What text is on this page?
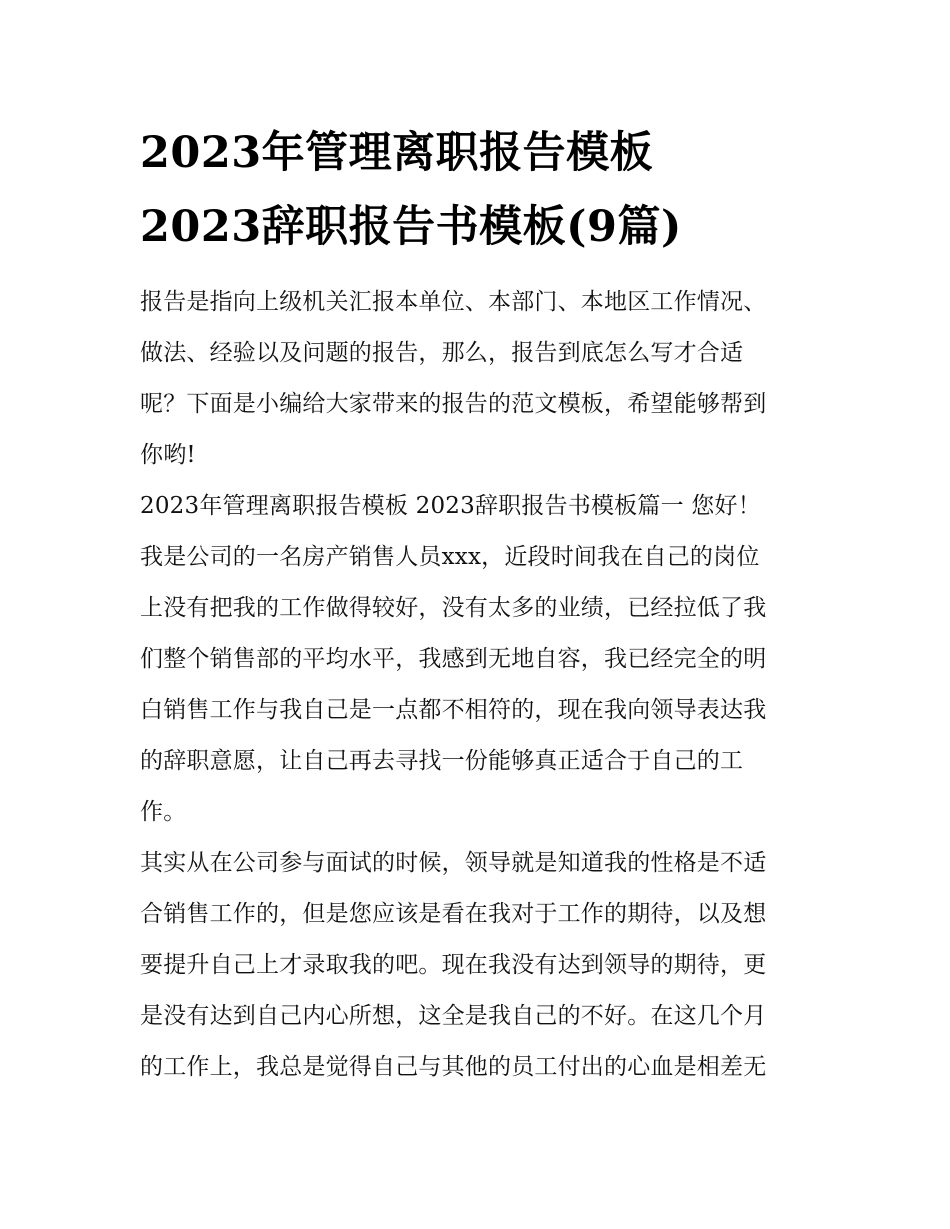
2023年管理离职报告模板
2023辞职报告书模板(9篇)

报告是指向上级机关汇报本单位、本部门、本地区工作情况、
做法、经验以及问题的报告，那么，报告到底怎么写才合适
呢？下面是小编给大家带来的报告的范文模板，希望能够帮到
你哟!

2023年管理离职报告模板 2023辞职报告书模板篇一 您好！

我是公司的一名房产销售人员xxx，近段时间我在自己的岗位
上没有把我的工作做得较好，没有太多的业绩，已经拉低了我
们整个销售部的平均水平，我感到无地自容，我已经完全的明
白销售工作与我自己是一点都不相符的，现在我向领导表达我
的辞职意愿，让自己再去寻找一份能够真正适合于自己的工
作。

其实从在公司参与面试的时候，领导就是知道我的性格是不适
合销售工作的，但是您应该是看在我对于工作的期待，以及想
要提升自己上才录取我的吧。现在我没有达到领导的期待，更
是没有达到自己内心所想，这全是我自己的不好。在这几个月
的工作上，我总是觉得自己与其他的员工付出的心血是相差无
